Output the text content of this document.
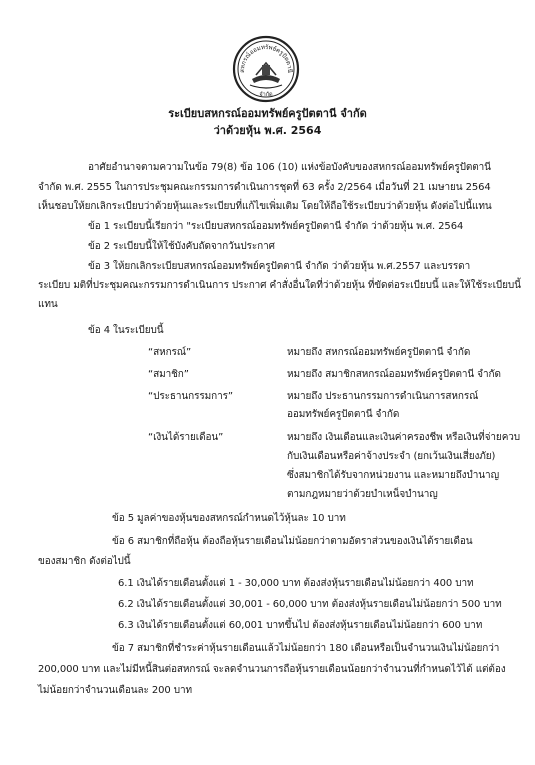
สหกรณ์ออมทรัพย์ครูปัตตานี
จำกัด
ระเบียบสหกรณ์ออมทรัพย์ครูปัตตานี จำกัด
ว่าด้วยหุ้น พ.ศ. 2564
อาศัยอำนาจตามความในข้อ 79(8) ข้อ 106 (10) แห่งข้อบังคับของสหกรณ์ออมทรัพย์ครูปัตตานี
จำกัด พ.ศ. 2555 ในการประชุมคณะกรรมการดำเนินการชุดที่ 63 ครั้ง 2/2564 เมื่อวันที่ 21 เมษายน 2564
เห็นชอบให้ยกเลิกระเบียบว่าด้วยหุ้นและระเบียบที่แก้ไขเพิ่มเติม โดยให้ถือใช้ระเบียบว่าด้วยหุ้น ดังต่อไปนี้แทน
ข้อ 1 ระเบียบนี้เรียกว่า "ระเบียบสหกรณ์ออมทรัพย์ครูปัตตานี จำกัด ว่าด้วยหุ้น พ.ศ. 2564
ข้อ 2 ระเบียบนี้ให้ใช้บังคับถัดจากวันประกาศ
ข้อ 3 ให้ยกเลิกระเบียบสหกรณ์ออมทรัพย์ครูปัตตานี จำกัด ว่าด้วยหุ้น พ.ศ.2557 และบรรดา
ระเบียบ มติที่ประชุมคณะกรรมการดำเนินการ ประกาศ คำสั่งอื่นใดที่ว่าด้วยหุ้น ที่ขัดต่อระเบียบนี้ และให้ใช้ระเบียบนี้
แทน
ข้อ 4 ในระเบียบนี้
“สหกรณ์”	หมายถึง สหกรณ์ออมทรัพย์ครูปัตตานี จำกัด
“สมาชิก”	หมายถึง สมาชิกสหกรณ์ออมทรัพย์ครูปัตตานี จำกัด
“ประธานกรรมการ”	หมายถึง ประธานกรรมการดำเนินการสหกรณ์
ออมทรัพย์ครูปัตตานี จำกัด
“เงินได้รายเดือน”	หมายถึง เงินเดือนและเงินค่าครองชีพ หรือเงินที่จ่ายควบ
กับเงินเดือนหรือค่าจ้างประจำ (ยกเว้นเงินเสี่ยงภัย)
ซึ่งสมาชิกได้รับจากหน่วยงาน และหมายถึงบำนาญ
ตามกฎหมายว่าด้วยบำเหน็จบำนาญ
ข้อ 5 มูลค่าของหุ้นของสหกรณ์กำหนดไว้หุ้นละ 10 บาท
ข้อ 6 สมาชิกที่ถือหุ้น ต้องถือหุ้นรายเดือนไม่น้อยกว่าตามอัตราส่วนของเงินได้รายเดือน
ของสมาชิก ดังต่อไปนี้
6.1 เงินได้รายเดือนตั้งแต่ 1 - 30,000 บาท ต้องส่งหุ้นรายเดือนไม่น้อยกว่า 400 บาท
6.2 เงินได้รายเดือนตั้งแต่ 30,001 - 60,000 บาท ต้องส่งหุ้นรายเดือนไม่น้อยกว่า 500 บาท
6.3 เงินได้รายเดือนตั้งแต่ 60,001 บาทขึ้นไป ต้องส่งหุ้นรายเดือนไม่น้อยกว่า 600 บาท
ข้อ 7 สมาชิกที่ชำระค่าหุ้นรายเดือนแล้วไม่น้อยกว่า 180 เดือนหรือเป็นจำนวนเงินไม่น้อยกว่า
200,000 บาท และไม่มีหนี้สินต่อสหกรณ์ จะลดจำนวนการถือหุ้นรายเดือนน้อยกว่าจำนวนที่กำหนดไว้ได้ แต่ต้อง
ไม่น้อยกว่าจำนวนเดือนละ 200 บาท
